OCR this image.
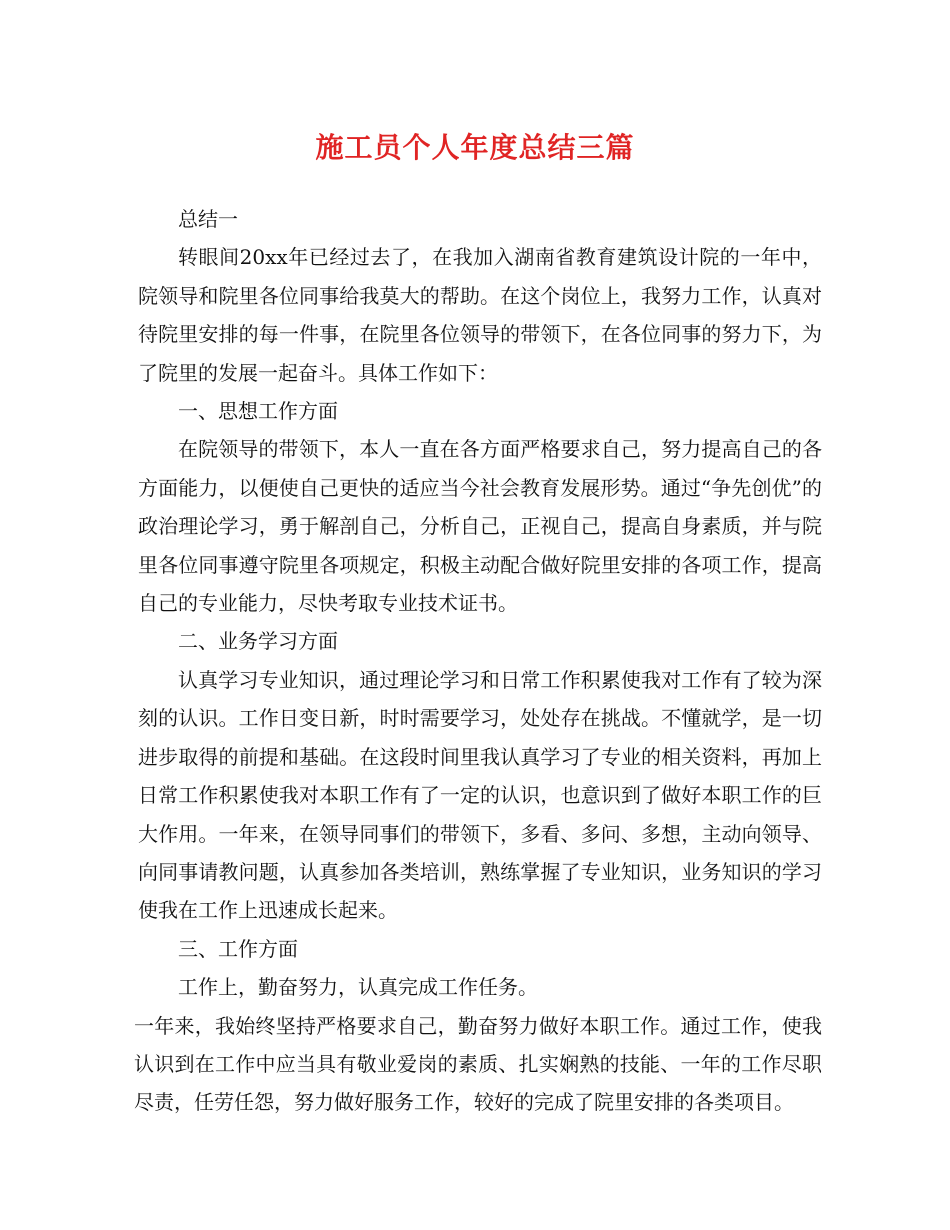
施工员个人年度总结三篇

总结一

转眼间20xx年已经过去了，在我加入湖南省教育建筑设计院的一年中，院领导和院里各位同事给我莫大的帮助。在这个岗位上，我努力工作，认真对待院里安排的每一件事，在院里各位领导的带领下，在各位同事的努力下，为了院里的发展一起奋斗。具体工作如下：

一、思想工作方面

在院领导的带领下，本人一直在各方面严格要求自己，努力提高自己的各方面能力，以便使自己更快的适应当今社会教育发展形势。通过“争先创优”的政治理论学习，勇于解剖自己，分析自己，正视自己，提高自身素质，并与院里各位同事遵守院里各项规定，积极主动配合做好院里安排的各项工作，提高自己的专业能力，尽快考取专业技术证书。

二、业务学习方面

认真学习专业知识，通过理论学习和日常工作积累使我对工作有了较为深刻的认识。工作日变日新，时时需要学习，处处存在挑战。不懂就学，是一切进步取得的前提和基础。在这段时间里我认真学习了专业的相关资料，再加上日常工作积累使我对本职工作有了一定的认识，也意识到了做好本职工作的巨大作用。一年来，在领导同事们的带领下，多看、多问、多想，主动向领导、向同事请教问题，认真参加各类培训，熟练掌握了专业知识，业务知识的学习使我在工作上迅速成长起来。

三、工作方面

工作上，勤奋努力，认真完成工作任务。

一年来，我始终坚持严格要求自己，勤奋努力做好本职工作。通过工作，使我认识到在工作中应当具有敬业爱岗的素质、扎实娴熟的技能、一年的工作尽职尽责，任劳任怨，努力做好服务工作，较好的完成了院里安排的各类项目。
